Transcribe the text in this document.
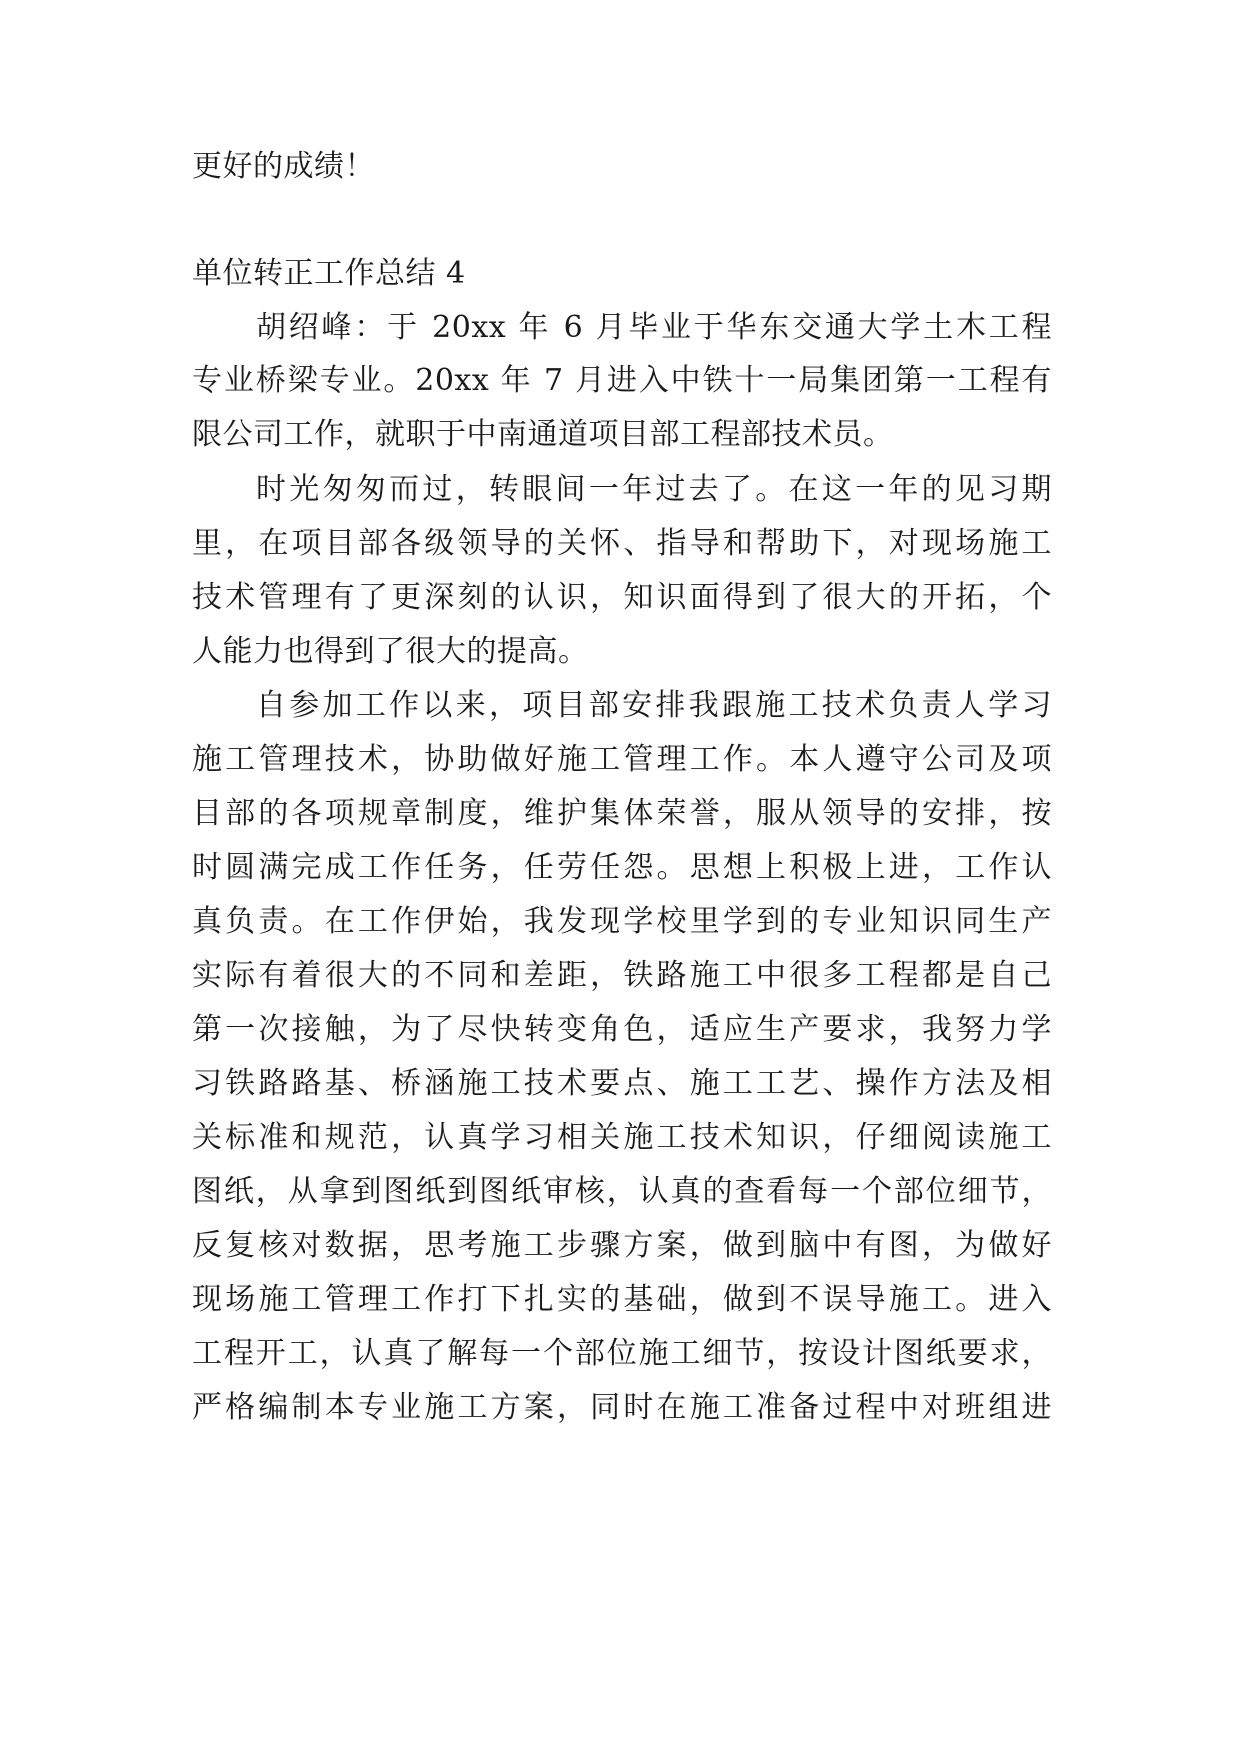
更好的成绩！
单位转正工作总结 4
胡绍峰：于 20xx 年 6 月毕业于华东交通大学土木工程
专业桥梁专业。20xx 年 7 月进入中铁十一局集团第一工程有
限公司工作，就职于中南通道项目部工程部技术员。
时光匆匆而过，转眼间一年过去了。在这一年的见习期
里，在项目部各级领导的关怀、指导和帮助下，对现场施工
技术管理有了更深刻的认识，知识面得到了很大的开拓，个
人能力也得到了很大的提高。
自参加工作以来，项目部安排我跟施工技术负责人学习
施工管理技术，协助做好施工管理工作。本人遵守公司及项
目部的各项规章制度，维护集体荣誉，服从领导的安排，按
时圆满完成工作任务，任劳任怨。思想上积极上进，工作认
真负责。在工作伊始，我发现学校里学到的专业知识同生产
实际有着很大的不同和差距，铁路施工中很多工程都是自己
第一次接触，为了尽快转变角色，适应生产要求，我努力学
习铁路路基、桥涵施工技术要点、施工工艺、操作方法及相
关标准和规范，认真学习相关施工技术知识，仔细阅读施工
图纸，从拿到图纸到图纸审核，认真的查看每一个部位细节，
反复核对数据，思考施工步骤方案，做到脑中有图，为做好
现场施工管理工作打下扎实的基础，做到不误导施工。进入
工程开工，认真了解每一个部位施工细节，按设计图纸要求，
严格编制本专业施工方案，同时在施工准备过程中对班组进
